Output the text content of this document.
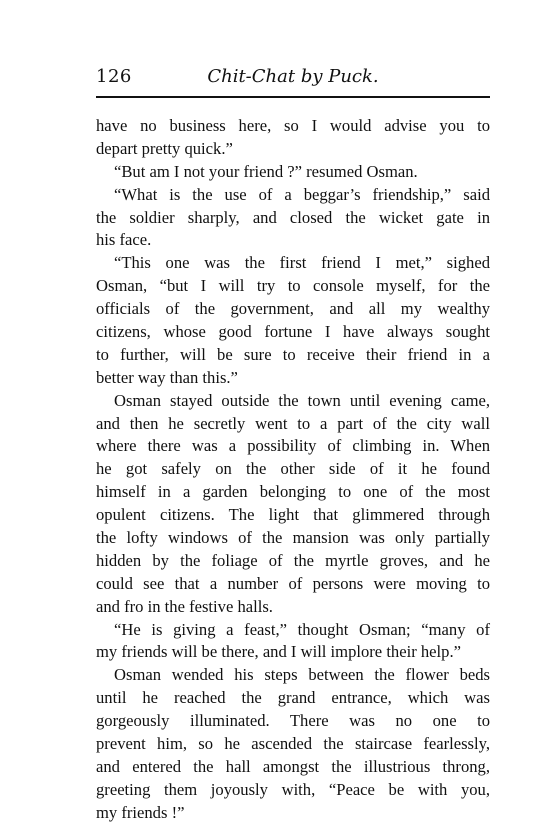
126	Chit-Chat by Puck.
have no business here, so I would advise you to
depart pretty quick.”
“But am I not your friend ?” resumed Osman.
“What is the use of a beggar’s friendship,” said
the soldier sharply, and closed the wicket gate in
his face.
“This one was the first friend I met,” sighed
Osman, “but I will try to console myself, for the
officials of the government, and all my wealthy
citizens, whose good fortune I have always sought
to further, will be sure to receive their friend in a
better way than this.”
Osman stayed outside the town until evening came,
and then he secretly went to a part of the city wall
where there was a possibility of climbing in. When
he got safely on the other side of it he found
himself in a garden belonging to one of the most
opulent citizens. The light that glimmered through
the lofty windows of the mansion was only partially
hidden by the foliage of the myrtle groves, and he
could see that a number of persons were moving to
and fro in the festive halls.
“He is giving a feast,” thought Osman; “many of
my friends will be there, and I will implore their help.”
Osman wended his steps between the flower beds
until he reached the grand entrance, which was
gorgeously illuminated. There was no one to
prevent him, so he ascended the staircase fearlessly,
and entered the hall amongst the illustrious throng,
greeting them joyously with, “Peace be with you,
my friends !”
